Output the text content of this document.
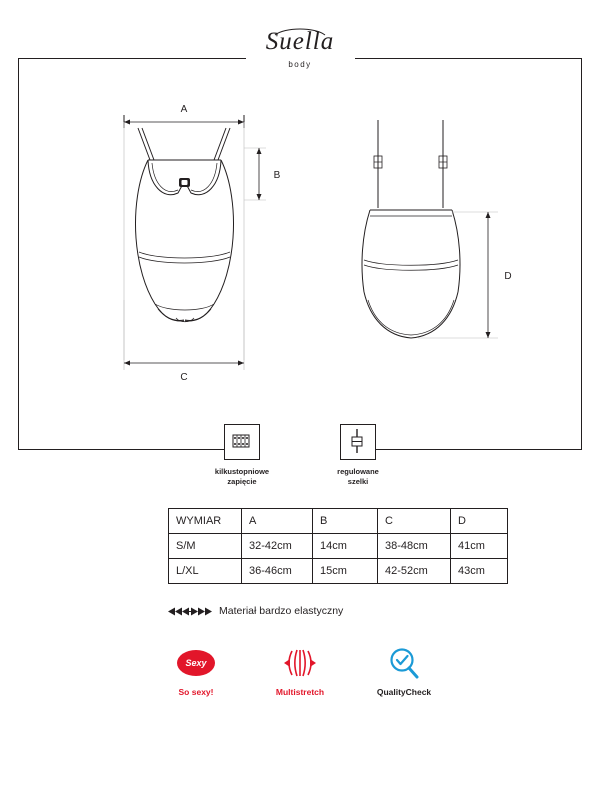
Suella
body
A
B
C
D
kilkustopniowe
zapięcie
regulowane
szelki
WYMIAR	A	B	C	D
S/M	32-42cm	14cm	38-48cm	41cm
L/XL	36-46cm	15cm	42-52cm	43cm
Materiał bardzo elastyczny
Sexy
So sexy!	Multistretch	QualityCheck
